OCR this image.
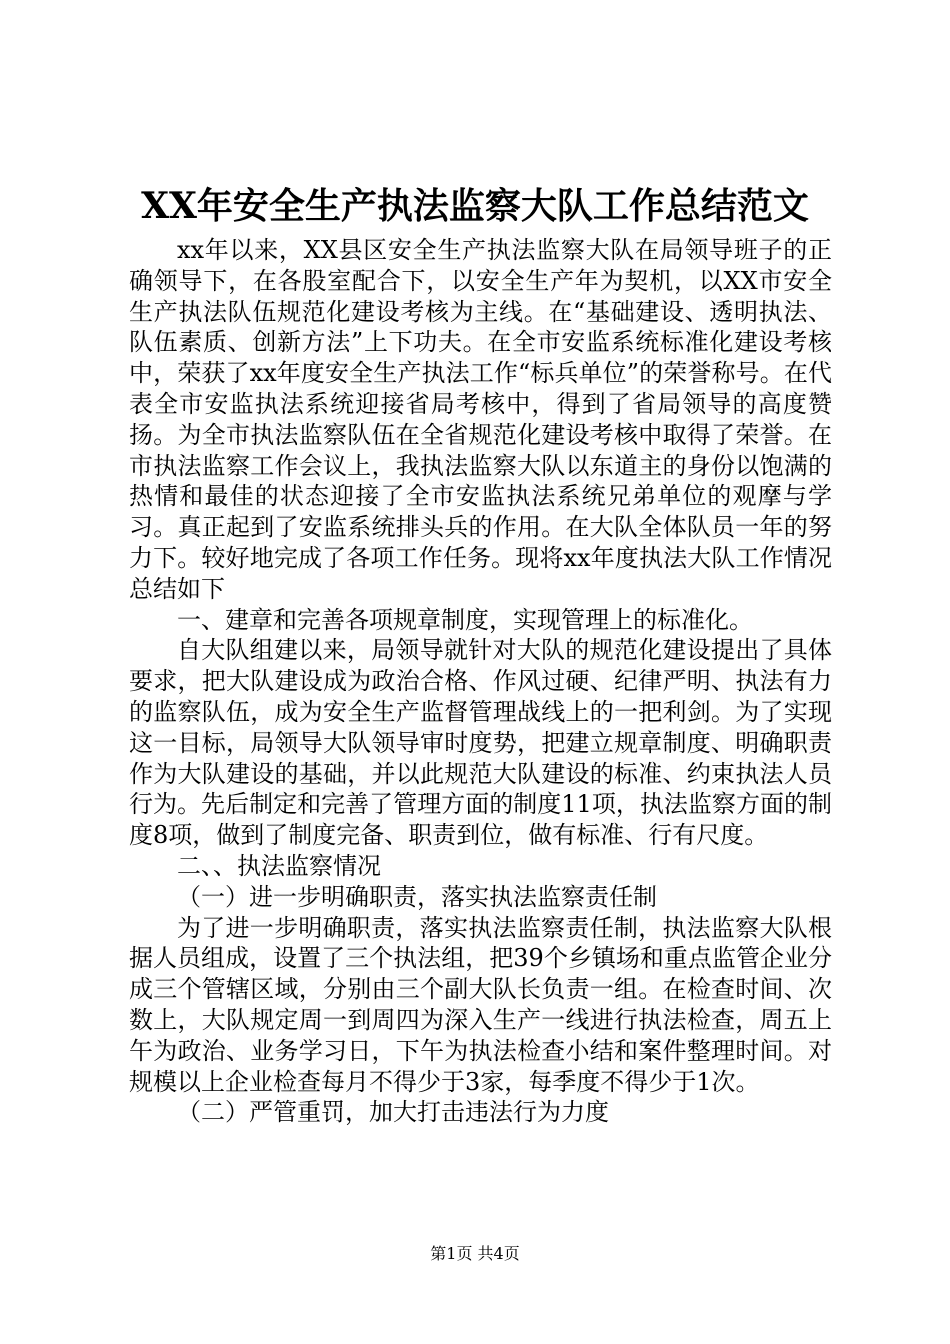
XX年安全生产执法监察大队工作总结范文

xx年以来，XX县区安全生产执法监察大队在局领导班子的正确领导下，在各股室配合下，以安全生产年为契机，以XX市安全生产执法队伍规范化建设考核为主线。在“基础建设、透明执法、队伍素质、创新方法”上下功夫。在全市安监系统标准化建设考核中，荣获了xx年度安全生产执法工作“标兵单位”的荣誉称号。在代表全市安监执法系统迎接省局考核中，得到了省局领导的高度赞扬。为全市执法监察队伍在全省规范化建设考核中取得了荣誉。在市执法监察工作会议上，我执法监察大队以东道主的身份以饱满的热情和最佳的状态迎接了全市安监执法系统兄弟单位的观摩与学习。真正起到了安监系统排头兵的作用。在大队全体队员一年的努力下。较好地完成了各项工作任务。现将xx年度执法大队工作情况总结如下

一、建章和完善各项规章制度，实现管理上的标准化。

自大队组建以来，局领导就针对大队的规范化建设提出了具体要求，把大队建设成为政治合格、作风过硬、纪律严明、执法有力的监察队伍，成为安全生产监督管理战线上的一把利剑。为了实现这一目标，局领导大队领导审时度势，把建立规章制度、明确职责作为大队建设的基础，并以此规范大队建设的标准、约束执法人员行为。先后制定和完善了管理方面的制度11项，执法监察方面的制度8项，做到了制度完备、职责到位，做有标准、行有尺度。

二、、执法监察情况

（一）进一步明确职责，落实执法监察责任制

为了进一步明确职责，落实执法监察责任制，执法监察大队根据人员组成，设置了三个执法组，把39个乡镇场和重点监管企业分成三个管辖区域，分别由三个副大队长负责一组。在检查时间、次数上，大队规定周一到周四为深入生产一线进行执法检查，周五上午为政治、业务学习日，下午为执法检查小结和案件整理时间。对规模以上企业检查每月不得少于3家，每季度不得少于1次。

（二）严管重罚，加大打击违法行为力度

第1页 共4页
